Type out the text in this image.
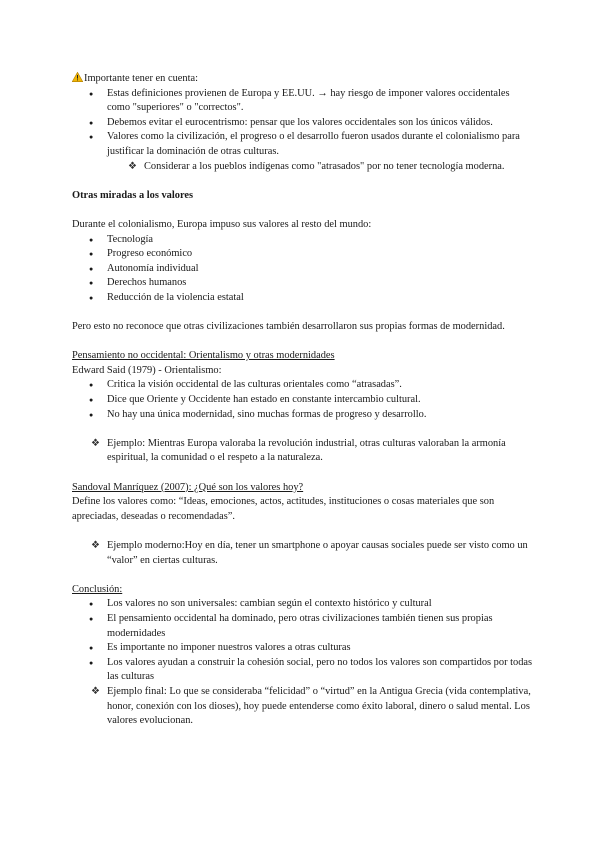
Importante tener en cuenta:

● Estas definiciones provienen de Europa y EE.UU. → hay riesgo de imponer valores occidentales como "superiores" o "correctos".
● Debemos evitar el eurocentrismo: pensar que los valores occidentales son los únicos válidos.
● Valores como la civilización, el progreso o el desarrollo fueron usados durante el colonialismo para justificar la dominación de otras culturas.
❖ Considerar a los pueblos indígenas como "atrasados" por no tener tecnología moderna.

Otras miradas a los valores

Durante el colonialismo, Europa impuso sus valores al resto del mundo:

● Tecnología
● Progreso económico
● Autonomía individual
● Derechos humanos
● Reducción de la violencia estatal

Pero esto no reconoce que otras civilizaciones también desarrollaron sus propias formas de modernidad.

Pensamiento no occidental: Orientalismo y otras modernidades

Edward Said (1979) - Orientalismo:

● Critica la visión occidental de las culturas orientales como “atrasadas”.
● Dice que Oriente y Occidente han estado en constante intercambio cultural.
● No hay una única modernidad, sino muchas formas de progreso y desarrollo.
❖ Ejemplo: Mientras Europa valoraba la revolución industrial, otras culturas valoraban la armonía espiritual, la comunidad o el respeto a la naturaleza.

Sandoval Manríquez (2007): ¿Qué son los valores hoy?

Define los valores como: “Ideas, emociones, actos, actitudes, instituciones o cosas materiales que son apreciadas, deseadas o recomendadas”.

❖ Ejemplo moderno:Hoy en día, tener un smartphone o apoyar causas sociales puede ser visto como un “valor” en ciertas culturas.

Conclusión:

● Los valores no son universales: cambian según el contexto histórico y cultural
● El pensamiento occidental ha dominado, pero otras civilizaciones también tienen sus propias modernidades
● Es importante no imponer nuestros valores a otras culturas
● Los valores ayudan a construir la cohesión social, pero no todos los valores son compartidos por todas las culturas
❖ Ejemplo final: Lo que se consideraba “felicidad” o “virtud” en la Antigua Grecia (vida contemplativa, honor, conexión con los dioses), hoy puede entenderse como éxito laboral, dinero o salud mental. Los valores evolucionan.
